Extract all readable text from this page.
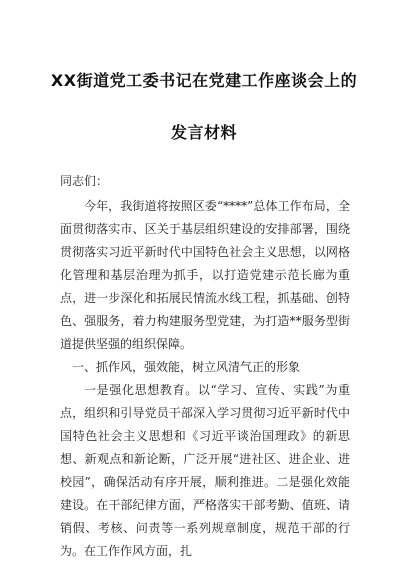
XX街道党工委书记在党建工作座谈会上的
发言材料

同志们：

今年，我街道将按照区委“****”总体工作布局，全面贯彻落实市、区关于基层组织建设的安排部署，围绕贯彻落实习近平新时代中国特色社会主义思想，以网格化管理和基层治理为抓手，以打造党建示范长廊为重点，进一步深化和拓展民情流水线工程，抓基础、创特色、强服务，着力构建服务型党建，为打造**服务型街道提供坚强的组织保障。

一、抓作风，强效能，树立风清气正的形象

一是强化思想教育。以“学习、宣传、实践”为重点，组织和引导党员干部深入学习贯彻习近平新时代中国特色社会主义思想和《习近平谈治国理政》的新思想、新观点和新论断，广泛开展“进社区、进企业、进校园”，确保活动有序开展，顺利推进。二是强化效能建设。在干部纪律方面，严格落实干部考勤、值班、请销假、考核、问责等一系列规章制度，规范干部的行为。在工作作风方面，扎
